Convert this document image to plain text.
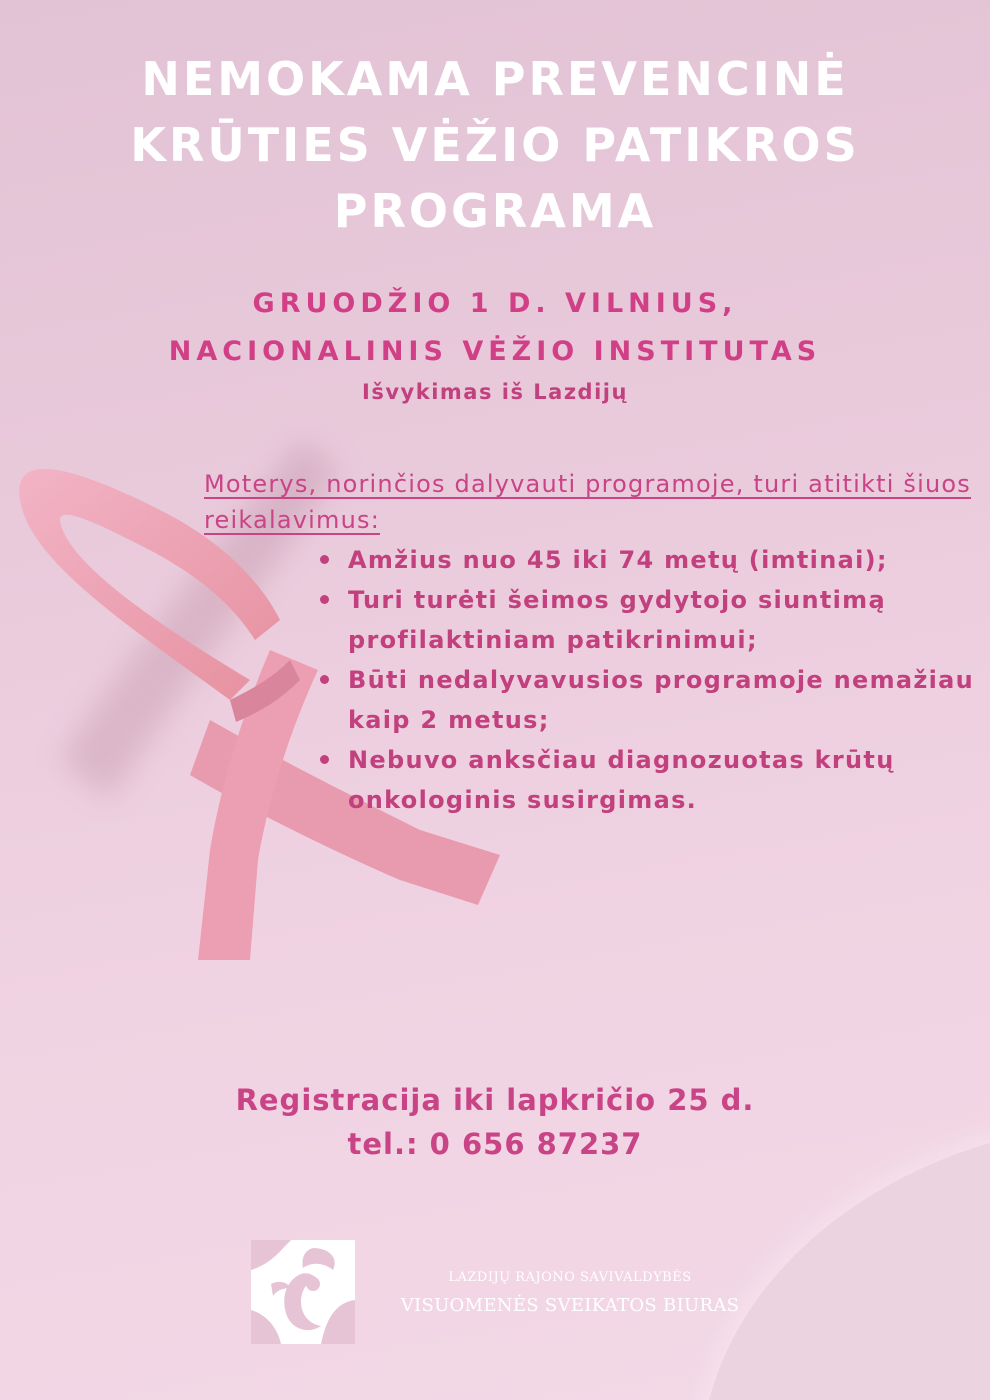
NEMOKAMA PREVENCINĖ
KRŪTIES VĖŽIO PATIKROS
PROGRAMA
GRUODŽIO 1 D. VILNIUS,
NACIONALINIS VĖŽIO INSTITUTAS
Išvykimas iš Lazdijų
Moterys, norinčios dalyvauti programoje, turi atitikti šiuos reikalavimus:
Amžius nuo 45 iki 74 metų (imtinai);
Turi turėti šeimos gydytojo siuntimą profilaktiniam patikrinimui;
Būti nedalyvavusios programoje nemažiau kaip 2 metus;
Nebuvo anksčiau diagnozuotas krūtų onkologinis susirgimas.
Registracija iki lapkričio 25 d.
tel.: 0 656 87237
LAZDIJŲ RAJONO SAVIVALDYBĖS
VISUOMENĖS SVEIKATOS BIURAS
